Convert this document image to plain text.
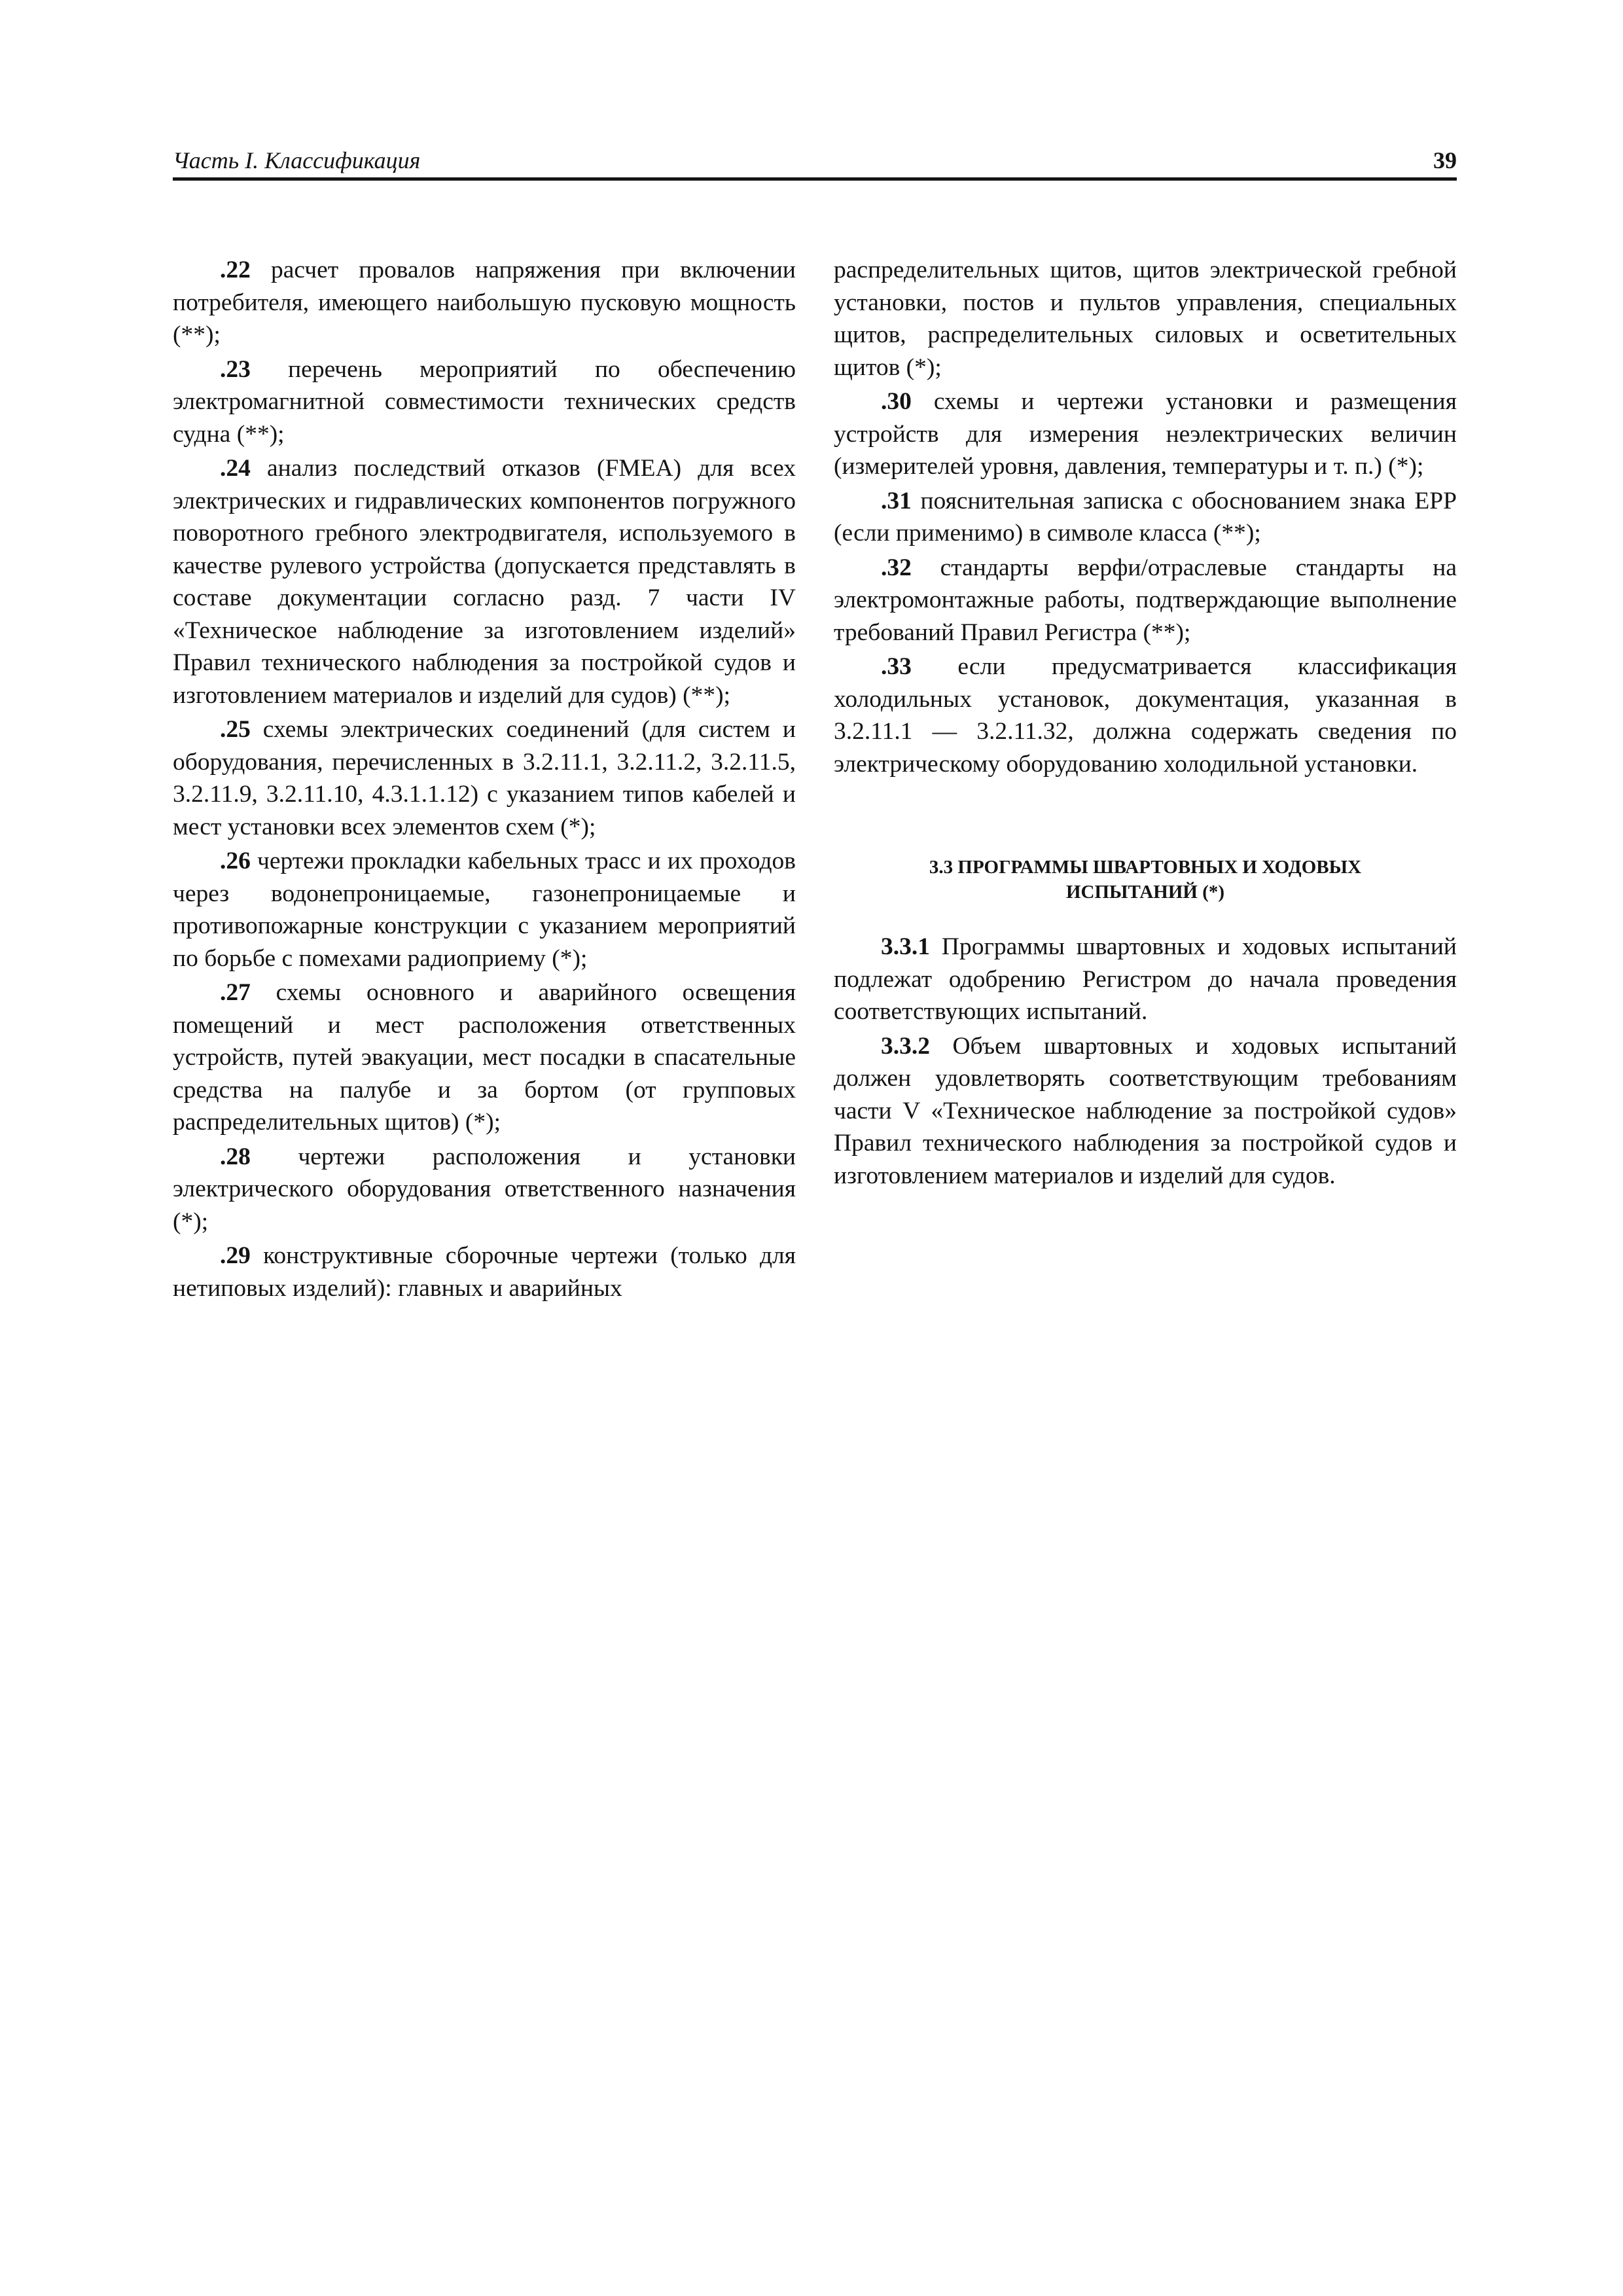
Часть I. Классификация	39

.22 расчет провалов напряжения при включении потребителя, имеющего наибольшую пусковую мощность (**);

.23 перечень мероприятий по обеспечению электромагнитной совместимости технических средств судна (**);

.24 анализ последствий отказов (FMEA) для всех электрических и гидравлических компонентов погружного поворотного гребного электродвигателя, используемого в качестве рулевого устройства (допускается представлять в составе документации согласно разд. 7 части IV «Техническое наблюдение за изготовлением изделий» Правил технического наблюдения за постройкой судов и изготовлением материалов и изделий для судов) (**);

.25 схемы электрических соединений (для систем и оборудования, перечисленных в 3.2.11.1, 3.2.11.2, 3.2.11.5, 3.2.11.9, 3.2.11.10, 4.3.1.1.12) с указанием типов кабелей и мест установки всех элементов схем (*);

.26 чертежи прокладки кабельных трасс и их проходов через водонепроницаемые, газонепроницаемые и противопожарные конструкции с указанием мероприятий по борьбе с помехами радиоприему (*);

.27 схемы основного и аварийного освещения помещений и мест расположения ответственных устройств, путей эвакуации, мест посадки в спасательные средства на палубе и за бортом (от групповых распределительных щитов) (*);

.28 чертежи расположения и установки электрического оборудования ответственного назначения (*);

.29 конструктивные сборочные чертежи (только для нетиповых изделий): главных и аварийных

распределительных щитов, щитов электрической гребной установки, постов и пультов управления, специальных щитов, распределительных силовых и осветительных щитов (*);

.30 схемы и чертежи установки и размещения устройств для измерения неэлектрических величин (измерителей уровня, давления, температуры и т. п.) (*);

.31 пояснительная записка с обоснованием знака EPP (если применимо) в символе класса (**);

.32 стандарты верфи/отраслевые стандарты на электромонтажные работы, подтверждающие выполнение требований Правил Регистра (**);

.33 если предусматривается классификация холодильных установок, документация, указанная в 3.2.11.1 — 3.2.11.32, должна содержать сведения по электрическому оборудованию холодильной установки.

3.3 ПРОГРАММЫ ШВАРТОВНЫХ И ХОДОВЫХ ИСПЫТАНИЙ (*)

3.3.1 Программы швартовных и ходовых испытаний подлежат одобрению Регистром до начала проведения соответствующих испытаний.

3.3.2 Объем швартовных и ходовых испытаний должен удовлетворять соответствующим требованиям части V «Техническое наблюдение за постройкой судов» Правил технического наблюдения за постройкой судов и изготовлением материалов и изделий для судов.
